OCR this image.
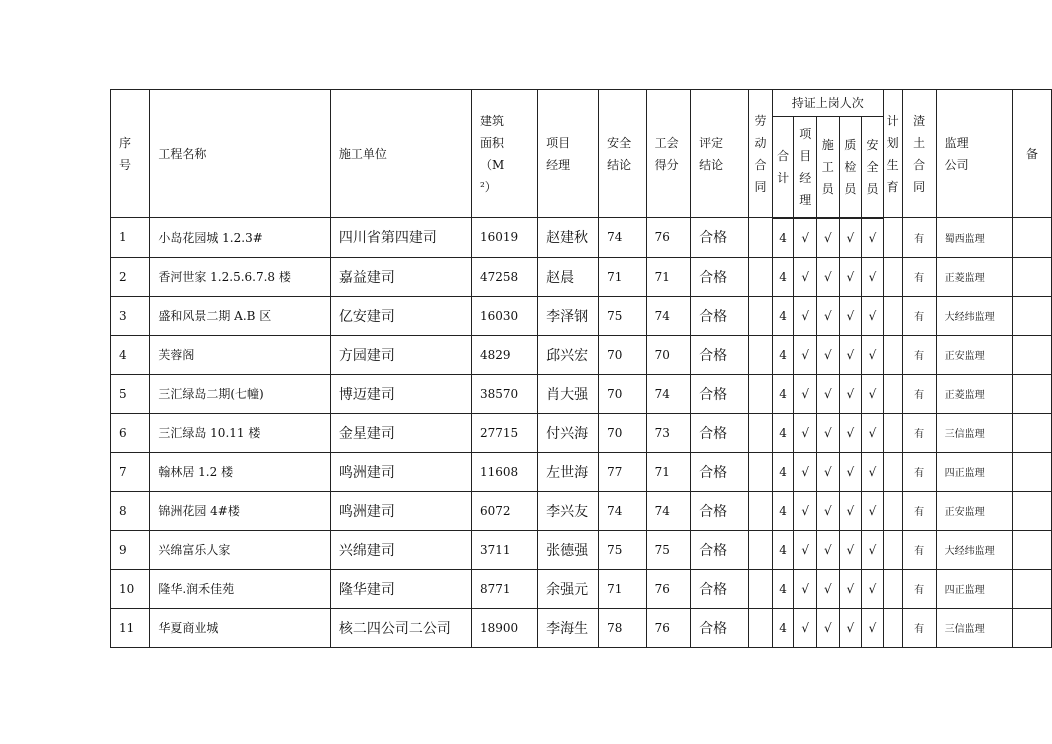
序号	工程名称	施工单位	建筑面积（M²）	项目经理	安全结论	工会得分	评定结论	劳动合同	持证上岗人次					计划生育	渣土合同	监理公司	备
									合计	项目经理	施工员	质检员	安全员				
1	小岛花园城 1.2.3#	四川省第四建司	16019	赵建秋	74	76	合格		4	√	√	√	√		有	蜀西监理	
2	香河世家 1.2.5.6.7.8 楼	嘉益建司	47258	赵晨	71	71	合格		4	√	√	√	√		有	正菱监理	
3	盛和风景二期 A.B 区	亿安建司	16030	李泽钢	75	74	合格		4	√	√	√	√		有	大经纬监理	
4	芙蓉阁	方园建司	4829	邱兴宏	70	70	合格		4	√	√	√	√		有	正安监理	
5	三汇绿岛二期(七幢)	博迈建司	38570	肖大强	70	74	合格		4	√	√	√	√		有	正菱监理	
6	三汇绿岛 10.11 楼	金星建司	27715	付兴海	70	73	合格		4	√	√	√	√		有	三信监理	
7	翰林居 1.2 楼	鸣洲建司	11608	左世海	77	71	合格		4	√	√	√	√		有	四正监理	
8	锦洲花园 4#楼	鸣洲建司	6072	李兴友	74	74	合格		4	√	√	√	√		有	正安监理	
9	兴绵富乐人家	兴绵建司	3711	张德强	75	75	合格		4	√	√	√	√		有	大经纬监理	
10	隆华.润禾佳苑	隆华建司	8771	余强元	71	76	合格		4	√	√	√	√		有	四正监理	
11	华夏商业城	核二四公司二公司	18900	李海生	78	76	合格		4	√	√	√	√		有	三信监理	
